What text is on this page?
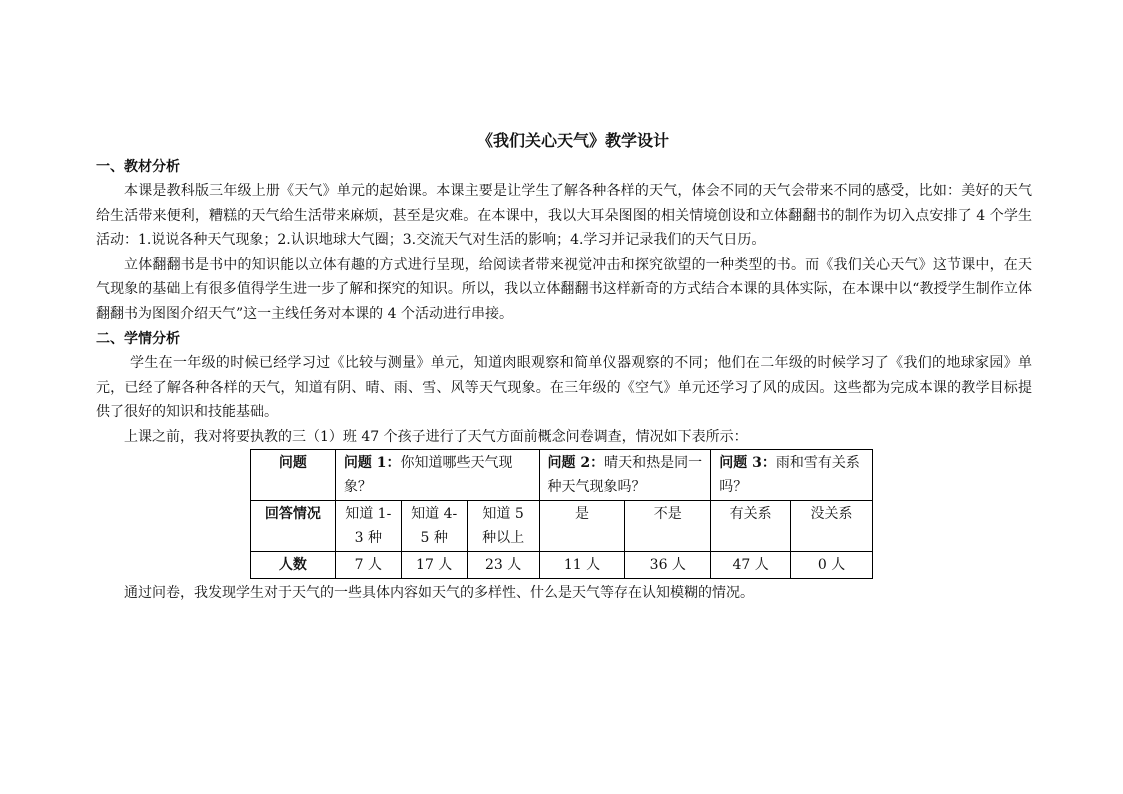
《我们关心天气》教学设计
一、教材分析

本课是教科版三年级上册《天气》单元的起始课。本课主要是让学生了解各种各样的天气，体会不同的天气会带来不同的感受，比如：美好的天气给生活带来便利，糟糕的天气给生活带来麻烦，甚至是灾难。在本课中，我以大耳朵图图的相关情境创设和立体翻翻书的制作为切入点安排了 4 个学生活动：1.说说各种天气现象；2.认识地球大气圈；3.交流天气对生活的影响；4.学习并记录我们的天气日历。

立体翻翻书是书中的知识能以立体有趣的方式进行呈现，给阅读者带来视觉冲击和探究欲望的一种类型的书。而《我们关心天气》这节课中，在天气现象的基础上有很多值得学生进一步了解和探究的知识。所以，我以立体翻翻书这样新奇的方式结合本课的具体实际，在本课中以“教授学生制作立体翻翻书为图图介绍天气”这一主线任务对本课的 4 个活动进行串接。

二、学情分析

学生在一年级的时候已经学习过《比较与测量》单元，知道肉眼观察和简单仪器观察的不同；他们在二年级的时候学习了《我们的地球家园》单元，已经了解各种各样的天气，知道有阴、晴、雨、雪、风等天气现象。在三年级的《空气》单元还学习了风的成因。这些都为完成本课的教学目标提供了很好的知识和技能基础。

上课之前，我对将要执教的三（1）班 47 个孩子进行了天气方面前概念问卷调查，情况如下表所示：

问题	问题 1：你知道哪些天气现象？			问题 2：晴天和热是同一种天气现象吗？		问题 3：雨和雪有关系吗？	
回答情况	知道 1-3 种	知道 4-5 种	知道 5 种以上	是	不是	有关系	没关系
人数	7 人	17 人	23 人	11 人	36 人	47 人	0 人

通过问卷，我发现学生对于天气的一些具体内容如天气的多样性、什么是天气等存在认知模糊的情况。
